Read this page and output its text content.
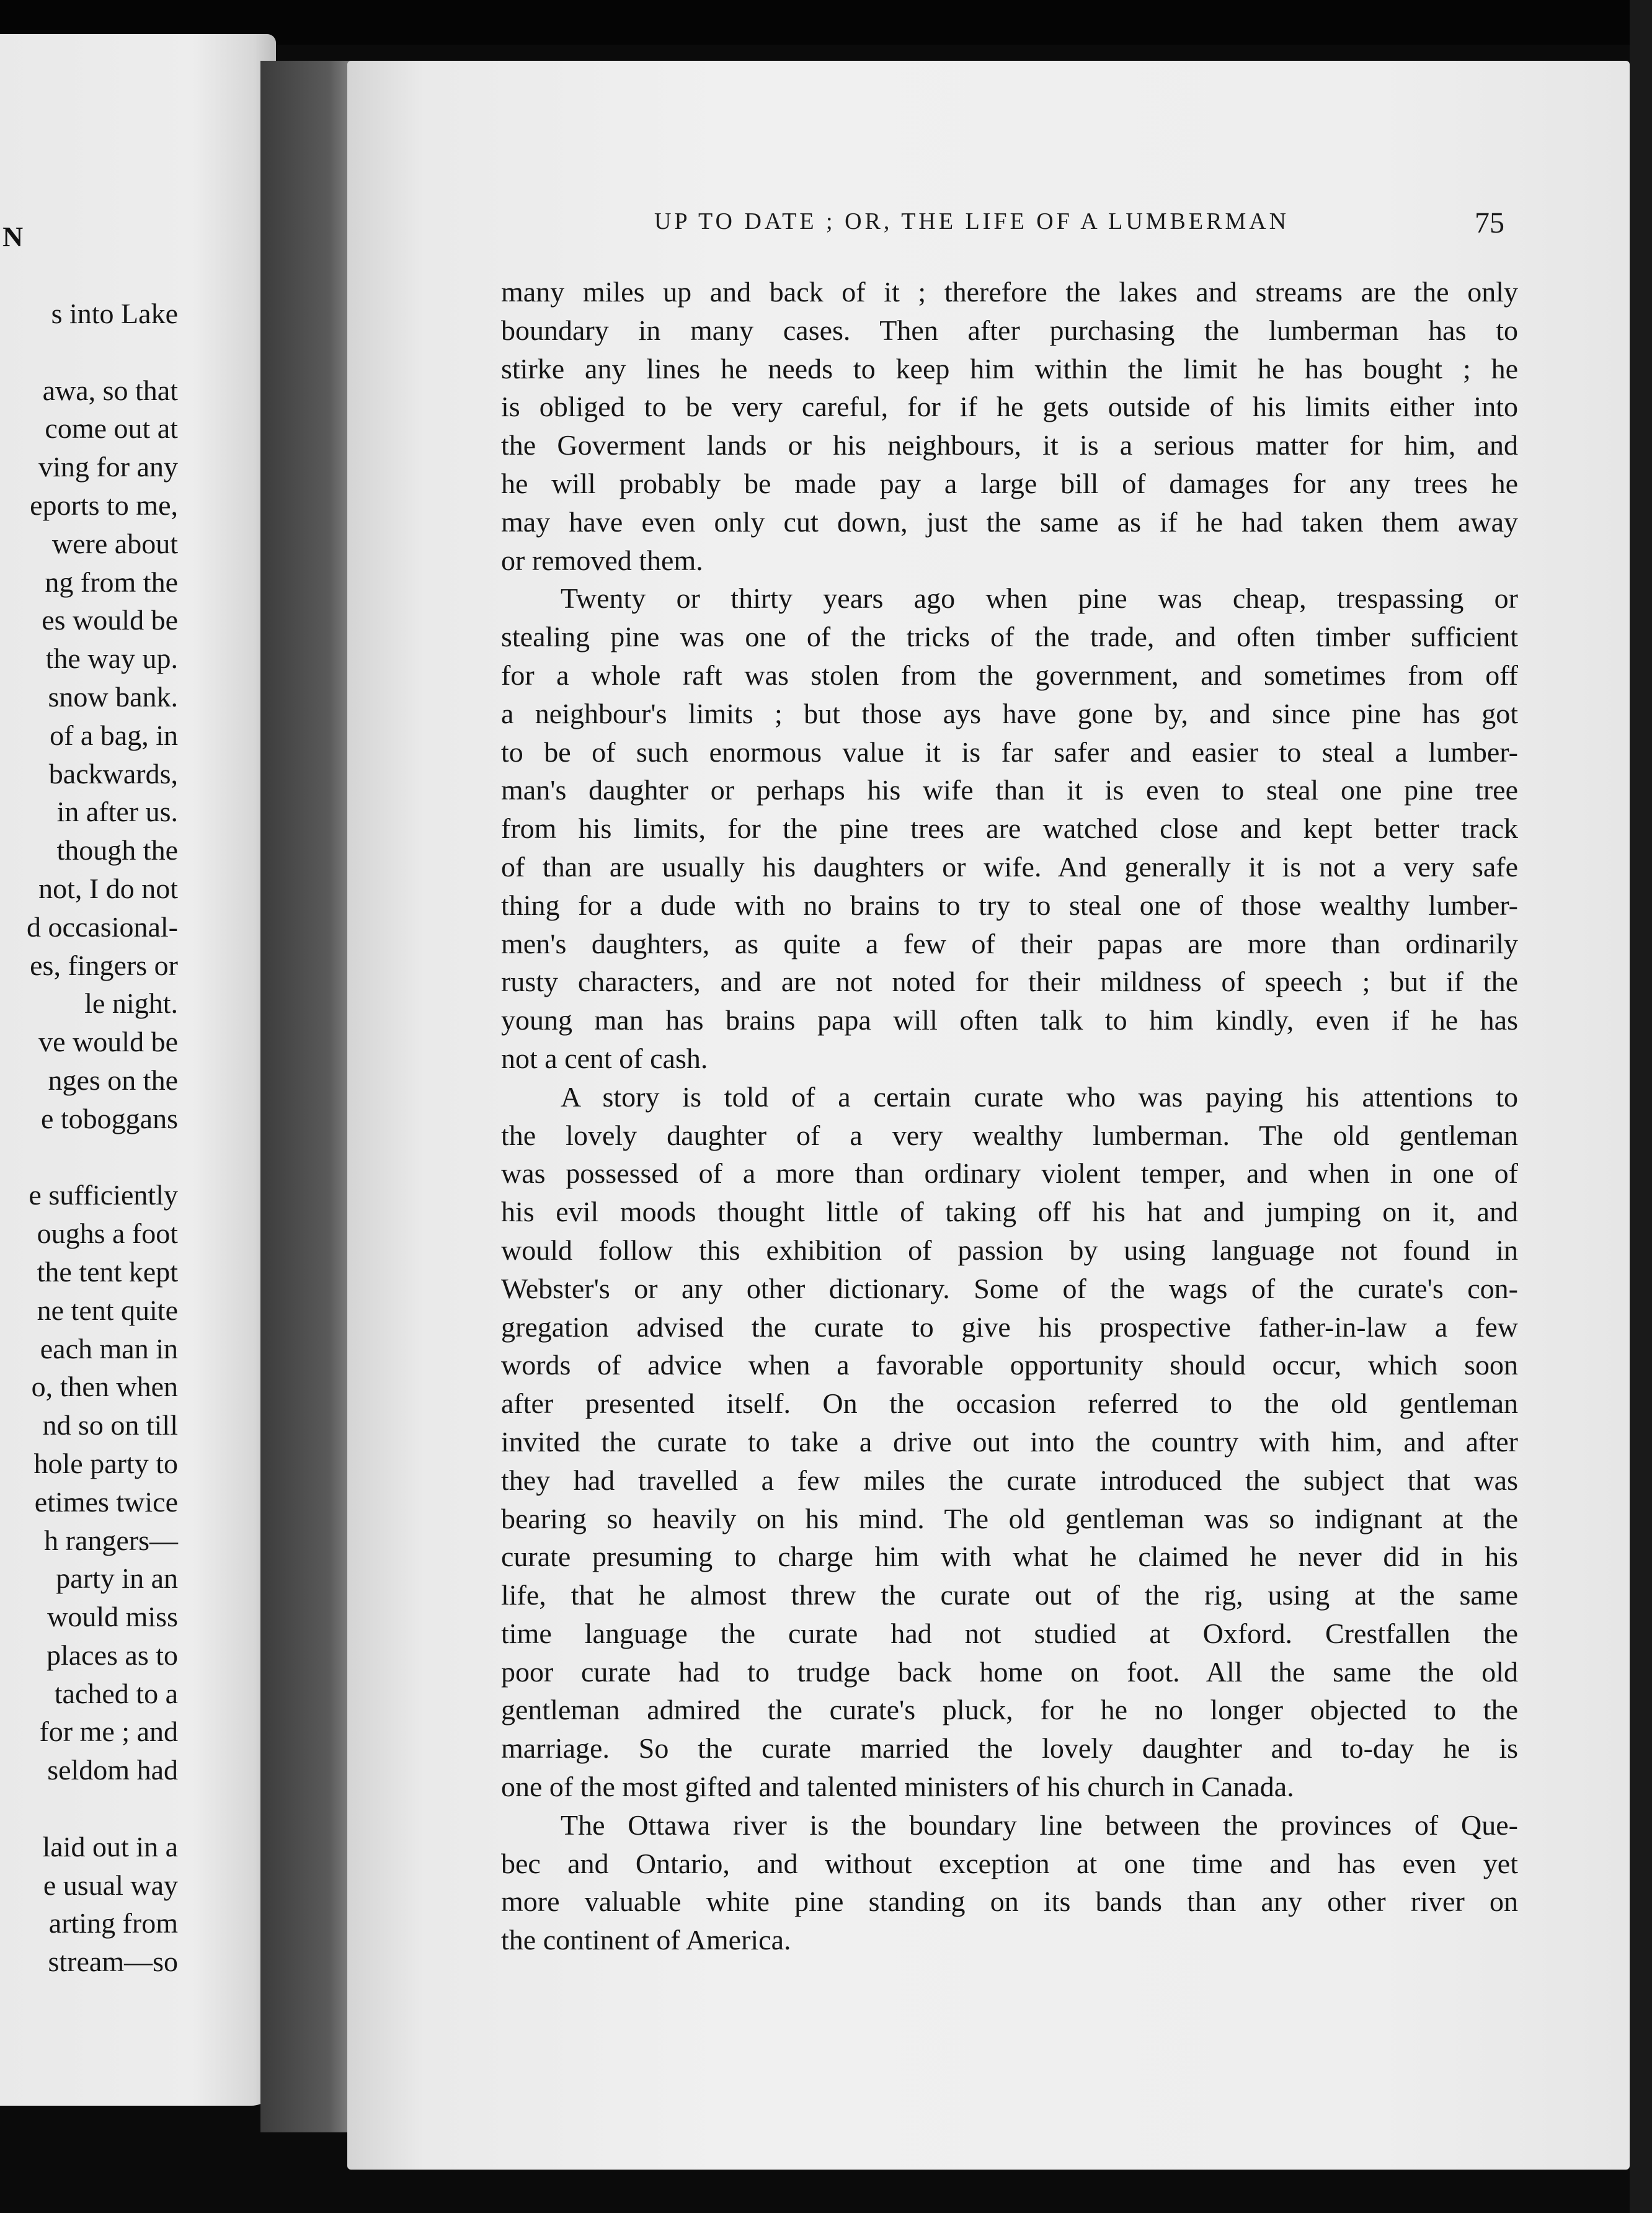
N
s into Lake
awa, so that
come out at
ving for any
eports to me,
were about
ng from the
es would be
the way up.
snow bank.
of a bag, in
backwards,
in after us.
though the
not, I do not
d occasional-
es, fingers or
le night.
ve would be
nges on the
e toboggans
e sufficiently
oughs a foot
the tent kept
ne tent quite
each man in
o, then when
nd so on till
hole party to
etimes twice
h rangers—
party in an
would miss
places as to
tached to a
for me ; and
seldom had
laid out in a
e usual way
arting from
stream—so
UP TO DATE ; OR, THE LIFE OF A LUMBERMAN	75
many miles up and back of it ; therefore the lakes and streams are the only
boundary in many cases. Then after purchasing the lumberman has to
stirke any lines he needs to keep him within the limit he has bought ; he
is obliged to be very careful, for if he gets outside of his limits either into
the Goverment lands or his neighbours, it is a serious matter for him, and
he will probably be made pay a large bill of damages for any trees he
may have even only cut down, just the same as if he had taken them away
or removed them.
Twenty or thirty years ago when pine was cheap, trespassing or
stealing pine was one of the tricks of the trade, and often timber sufficient
for a whole raft was stolen from the government, and sometimes from off
a neighbour's limits ; but those ays have gone by, and since pine has got
to be of such enormous value it is far safer and easier to steal a lumber-
man's daughter or perhaps his wife than it is even to steal one pine tree
from his limits, for the pine trees are watched close and kept better track
of than are usually his daughters or wife. And generally it is not a very safe
thing for a dude with no brains to try to steal one of those wealthy lumber-
men's daughters, as quite a few of their papas are more than ordinarily
rusty characters, and are not noted for their mildness of speech ; but if the
young man has brains papa will often talk to him kindly, even if he has
not a cent of cash.
A story is told of a certain curate who was paying his attentions to
the lovely daughter of a very wealthy lumberman. The old gentleman
was possessed of a more than ordinary violent temper, and when in one of
his evil moods thought little of taking off his hat and jumping on it, and
would follow this exhibition of passion by using language not found in
Webster's or any other dictionary. Some of the wags of the curate's con-
gregation advised the curate to give his prospective father-in-law a few
words of advice when a favorable opportunity should occur, which soon
after presented itself. On the occasion referred to the old gentleman
invited the curate to take a drive out into the country with him, and after
they had travelled a few miles the curate introduced the subject that was
bearing so heavily on his mind. The old gentleman was so indignant at the
curate presuming to charge him with what he claimed he never did in his
life, that he almost threw the curate out of the rig, using at the same
time language the curate had not studied at Oxford. Crestfallen the
poor curate had to trudge back home on foot. All the same the old
gentleman admired the curate's pluck, for he no longer objected to the
marriage. So the curate married the lovely daughter and to-day he is
one of the most gifted and talented ministers of his church in Canada.
The Ottawa river is the boundary line between the provinces of Que-
bec and Ontario, and without exception at one time and has even yet
more valuable white pine standing on its bands than any other river on
the continent of America.
